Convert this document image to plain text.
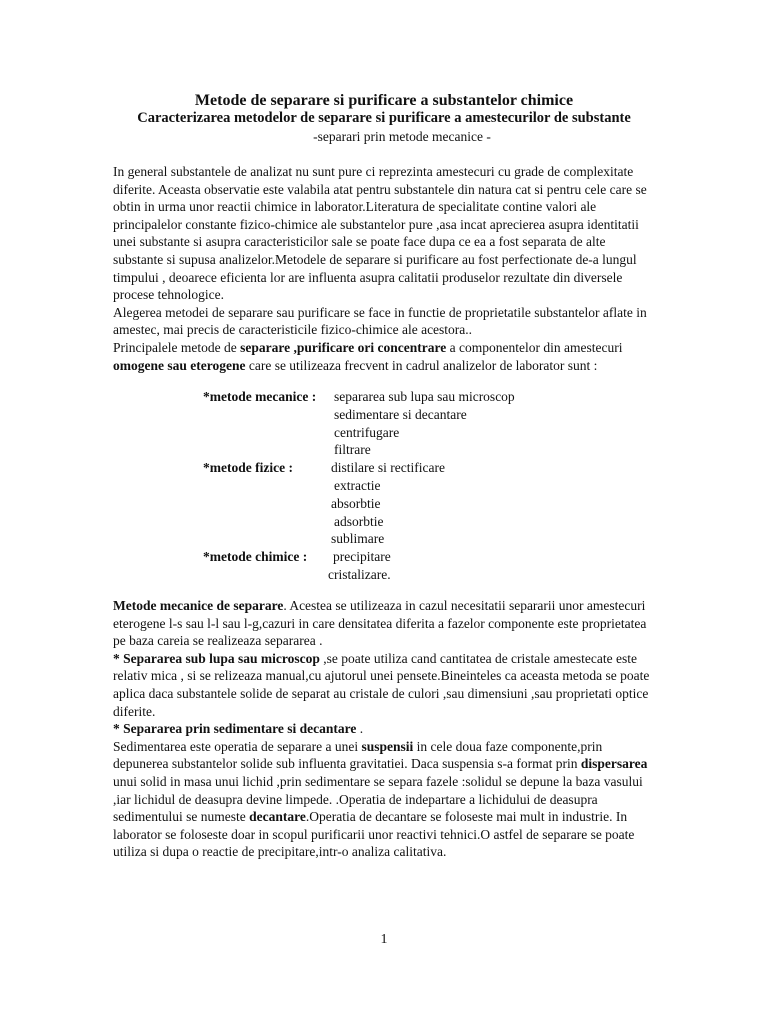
Metode de separare si purificare a substantelor chimice
Caracterizarea metodelor de separare si purificare a amestecurilor de substante
-separari prin metode mecanice -

In general substantele de analizat nu sunt pure ci reprezinta amestecuri cu grade de complexitate diferite. Aceasta observatie este valabila atat pentru substantele din natura cat si pentru cele care se obtin in urma unor reactii chimice in laborator.Literatura de specialitate contine valori ale principalelor constante fizico-chimice ale substantelor pure ,asa incat aprecierea asupra identitatii unei substante si asupra caracteristicilor sale se poate face dupa ce ea a fost separata de alte substante si supusa analizelor.Metodele de separare si purificare au fost perfectionate de-a lungul timpului , deoarece eficienta lor are influenta asupra calitatii produselor rezultate din diversele procese tehnologice.

Alegerea metodei de separare sau purificare se face in functie de proprietatile substantelor aflate in amestec, mai precis de caracteristicile fizico-chimice ale acestora..

Principalele metode de separare ,purificare ori concentrare a componentelor din amestecuri omogene sau eterogene care se utilizeaza frecvent in cadrul analizelor de laborator sunt :

*metode mecanice : separarea sub lupa sau microscop
sedimentare si decantare
centrifugare
filtrare
*metode fizice :	distilare si rectificare
extractie
absorbtie
adsorbtie
sublimare
*metode chimice : precipitare
cristalizare.

Metode mecanice de separare. Acestea se utilizeaza in cazul necesitatii separarii unor amestecuri eterogene l-s sau l-l sau l-g,cazuri in care densitatea diferita a fazelor componente este proprietatea pe baza careia se realizeaza separarea .

* Separarea sub lupa sau microscop ,se poate utiliza cand cantitatea de cristale amestecate este relativ mica , si se relizeaza manual,cu ajutorul unei pensete.Bineinteles ca aceasta metoda se poate aplica daca substantele solide de separat au cristale de culori ,sau dimensiuni ,sau proprietati optice diferite.

* Separarea prin sedimentare si decantare .

Sedimentarea este operatia de separare a unei suspensii in cele doua faze componente,prin depunerea substantelor solide sub influenta gravitatiei. Daca suspensia s-a format prin dispersarea unui solid in masa unui lichid ,prin sedimentare se separa fazele :solidul se depune la baza vasului ,iar lichidul de deasupra devine limpede. .Operatia de indepartare a lichidului de deasupra sedimentului se numeste decantare.Operatia de decantare se foloseste mai mult in industrie. In laborator se foloseste doar in scopul purificarii unor reactivi tehnici.O astfel de separare se poate utiliza si dupa o reactie de precipitare,intr-o analiza calitativa.

1
